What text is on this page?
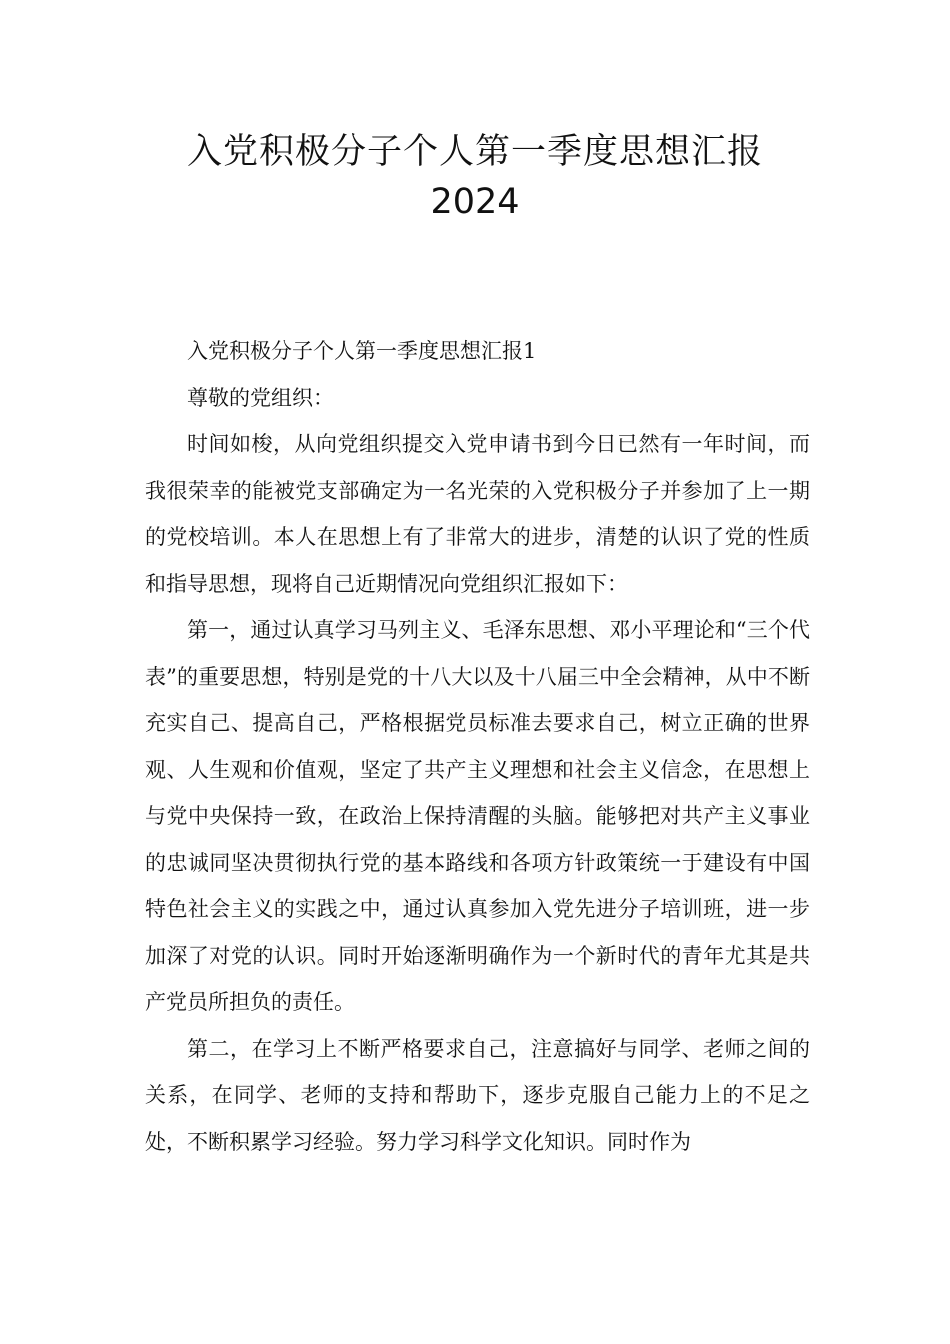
入党积极分子个人第一季度思想汇报
2024

入党积极分子个人第一季度思想汇报1

尊敬的党组织：

时间如梭，从向党组织提交入党申请书到今日已然有一年时间，而我很荣幸的能被党支部确定为一名光荣的入党积极分子并参加了上一期的党校培训。本人在思想上有了非常大的进步，清楚的认识了党的性质和指导思想，现将自己近期情况向党组织汇报如下：

第一，通过认真学习马列主义、毛泽东思想、邓小平理论和“三个代表”的重要思想，特别是党的十八大以及十八届三中全会精神，从中不断充实自己、提高自己，严格根据党员标准去要求自己，树立正确的世界观、人生观和价值观，坚定了共产主义理想和社会主义信念，在思想上与党中央保持一致，在政治上保持清醒的头脑。能够把对共产主义事业的忠诚同坚决贯彻执行党的基本路线和各项方针政策统一于建设有中国特色社会主义的实践之中，通过认真参加入党先进分子培训班，进一步加深了对党的认识。同时开始逐渐明确作为一个新时代的青年尤其是共产党员所担负的责任。

第二，在学习上不断严格要求自己，注意搞好与同学、老师之间的关系，在同学、老师的支持和帮助下，逐步克服自己能力上的不足之处，不断积累学习经验。努力学习科学文化知识。同时作为
